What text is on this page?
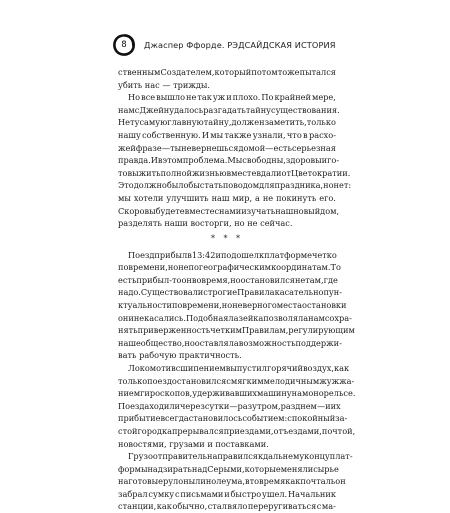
8	Джаспер Ффорде. РЭДСАЙДСКАЯ ИСТОРИЯ
ственным Создателем, который потом тоже пытался
убить нас — трижды.
Но все вышло не так уж и плохо. По крайней мере,
нам с Джейн удалось разгадать тайну существования.
Не ту самую главную тайну, должен заметить, только
нашу собственную. И мы также узнали, что в расхо-
жей фразе — ты не вернешься домой — есть серьезная
правда. И в этом проблема. Мы свободны, здоровы и го-
товы жить полной жизнью вместе вдали от Цветократии.
Это должно было бы стать поводом для праздника, но нет:
мы хотели улучшить наш мир, а не покинуть его.
Скоро вы будете вместе с нами изучать наш новый дом,
разделять наши восторги, но не сейчас.
* * *
Поезд прибыл в 13:42 и подошел к платформе четко
по времени, но не по географическим координатам. То
есть прибыл-то он вовремя, но остановился не там, где
надо. Существовали строгие Правила касательно пун-
ктуальности по времени, но неверного места остановки
они не касались. Подобная лазейка позволяла нам сохра-
нять приверженность четким Правилам, регулирующим
наше общество, но оставляла возможность поддержи-
вать рабочую практичность.
Локомотив с шипением выпустил горячий воздух, как
только поезд остановился с мягким мелодичным жужжа-
нием гироскопов, удерживавших машину на монорельсе.
Поезда ходили через сутки — раз утром, раз днем — и их
прибытие всегда становилось событием: спокойный за-
стой городка прерывался приездами, отъездами, почтой,
новостями, грузами и поставками.
Грузоотправитель направился к дальнему концу плат-
формы надзирать над Серыми, которые меняли сырье
на готовые рулоны линолеума, в то время как почтальон
забрал сумку с письмами и быстро ушел. Начальник
станции, как обычно, стал вяло переругиваться с ма-
